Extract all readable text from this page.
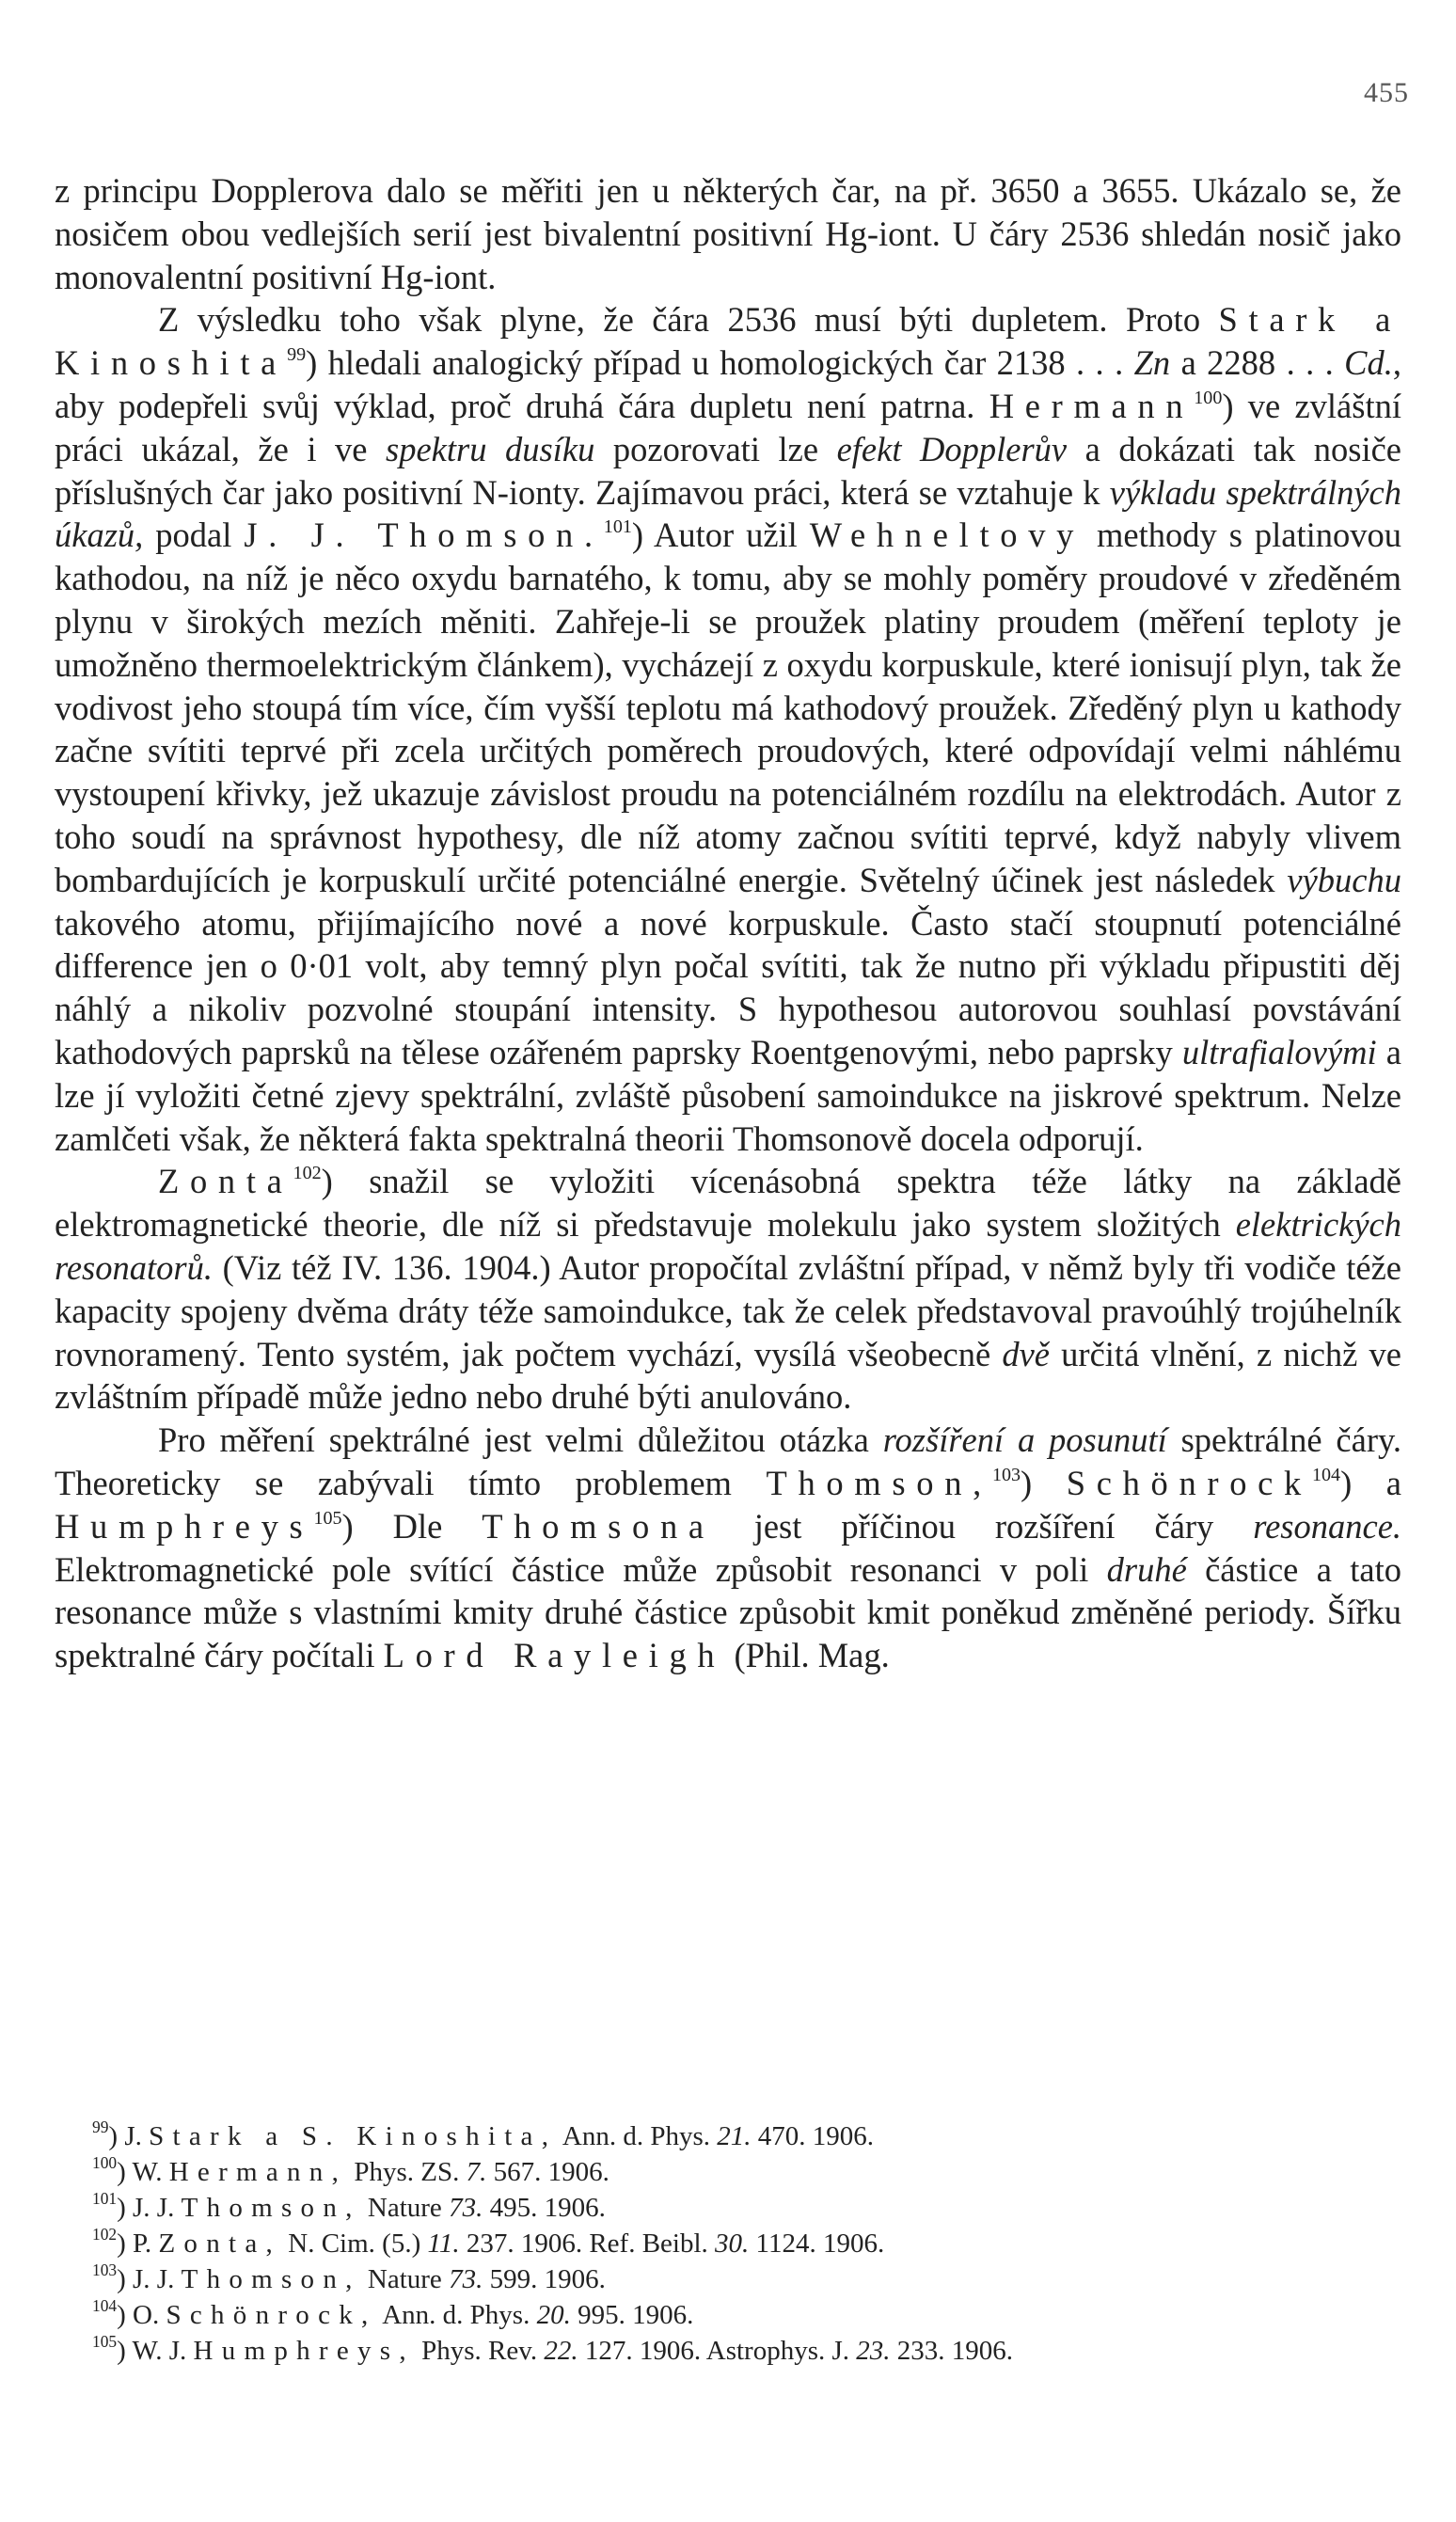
455

z principu Dopplerova dalo se měřiti jen u některých čar, na př. 3650 a 3655. Ukázalo se, že nosičem obou vedlejších serií jest bivalentní positivní Hg-iont. U čáry 2536 shledán nosič jako monovalentní positivní Hg-iont.

Z výsledku toho však plyne, že čára 2536 musí býti dupletem. Proto Stark a Kinoshita$^{99}$) hledali analogický případ u homologických čar 2138 . . . Zn a 2288 . . . Cd., aby podepřeli svůj výklad, proč druhá čára dupletu není patrna. Hermann$^{100}$) ve zvláštní práci ukázal, že i ve spektru dusíku pozorovati lze efekt Dopplerův a dokázati tak nosiče příslušných čar jako positivní N-ionty. Zajímavou práci, která se vztahuje k výkladu spektrálných úkazů, podal J. J. Thomson.$^{101}$) Autor užil Wehneltovy methody s platinovou kathodou, na níž je něco oxydu barnatého, k tomu, aby se mohly poměry proudové v zředěném plynu v širokých mezích měniti. Zahřeje-li se proužek platiny proudem (měření teploty je umožněno thermoelektrickým článkem), vycházejí z oxydu korpuskule, které ionisují plyn, tak že vodivost jeho stoupá tím více, čím vyšší teplotu má kathodový proužek. Zředěný plyn u kathody začne svítiti teprvé při zcela určitých poměrech proudových, které odpovídají velmi náhlému vystoupení křivky, jež ukazuje závislost proudu na potenciálném rozdílu na elektrodách. Autor z toho soudí na správnost hypothesy, dle níž atomy začnou svítiti teprvé, když nabyly vlivem bombardujících je korpuskulí určité potenciálné energie. Světelný účinek jest následek výbuchu takového atomu, přijímajícího nové a nové korpuskule. Často stačí stoupnutí potenciálné difference jen o 0·01 volt, aby temný plyn počal svítiti, tak že nutno při výkladu připustiti děj náhlý a nikoliv pozvolné stoupání intensity. S hypothesou autorovou souhlasí povstávání kathodových paprsků na tělese ozářeném paprsky Roentgenovými, nebo paprsky ultrafialovými a lze jí vyložiti četné zjevy spektrální, zvláště působení samoindukce na jiskrové spektrum. Nelze zamlčeti však, že některá fakta spektralná theorii Thomsonově docela odporují.

Zonta$^{102}$) snažil se vyložiti vícenásobná spektra téže látky na základě elektromagnetické theorie, dle níž si představuje molekulu jako system složitých elektrických resonatorů. (Viz též IV. 136. 1904.) Autor propočítal zvláštní případ, v němž byly tři vodiče téže kapacity spojeny dvěma dráty téže samoindukce, tak že celek představoval pravoúhlý trojúhelník rovnoramený. Tento systém, jak počtem vychází, vysílá všeobecně dvě určitá vlnění, z nichž ve zvláštním případě může jedno nebo druhé býti anulováno.

Pro měření spektrálné jest velmi důležitou otázka rozšíření a posunutí spektrálné čáry. Theoreticky se zabývali tímto problemem Thomson,$^{103}$) Schönrock$^{104}$) a Humphreys$^{105}$) Dle Thomsona jest příčinou rozšíření čáry resonance. Elektromagnetické pole svítící částice může způsobit resonanci v poli druhé částice a tato resonance může s vlastními kmity druhé částice způsobit kmit poněkud změněné periody. Šířku spektralné čáry počítali Lord Rayleigh (Phil. Mag.

$^{99}$) J. Stark a S. Kinoshita, Ann. d. Phys. 21. 470. 1906.

$^{100}$) W. Hermann, Phys. ZS. 7. 567. 1906.

$^{101}$) J. J. Thomson, Nature 73. 495. 1906.

$^{102}$) P. Zonta, N. Cim. (5.) 11. 237. 1906. Ref. Beibl. 30. 1124. 1906.

$^{103}$) J. J. Thomson, Nature 73. 599. 1906.

$^{104}$) O. Schönrock, Ann. d. Phys. 20. 995. 1906.

$^{105}$) W. J. Humphreys, Phys. Rev. 22. 127. 1906. Astrophys. J. 23. 233. 1906.
